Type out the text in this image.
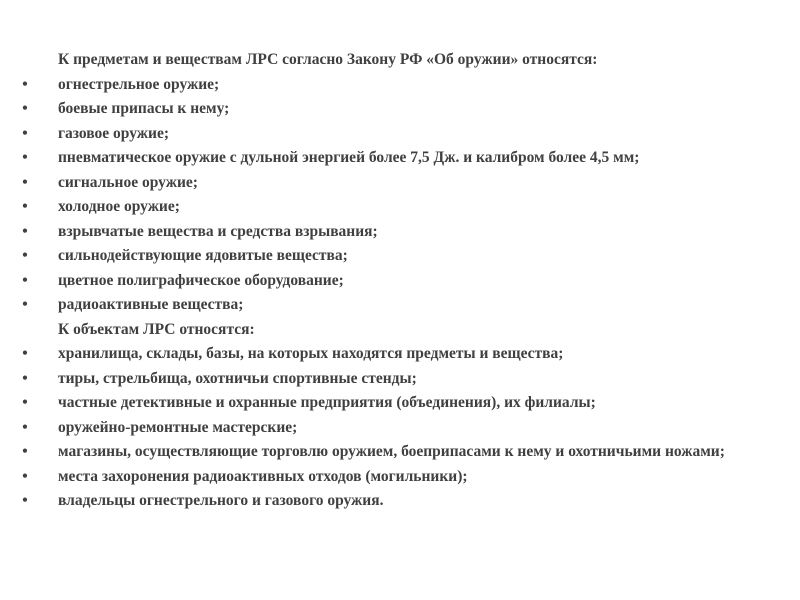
К предметам и веществам ЛРС согласно Закону РФ «Об оружии» относятся:

• огнестрельное оружие;
• боевые припасы к нему;
• газовое оружие;
• пневматическое оружие с дульной энергией более 7,5 Дж. и калибром более 4,5 мм;
• сигнальное оружие;
• холодное оружие;
• взрывчатые вещества и средства взрывания;
• сильнодействующие ядовитые вещества;
• цветное полиграфическое оборудование;
• радиоактивные вещества;

К объектам ЛРС относятся:

• хранилища, склады, базы, на которых находятся предметы и вещества;
• тиры, стрельбища, охотничьи спортивные стенды;
• частные детективные и охранные предприятия (объединения), их филиалы;
• оружейно-ремонтные мастерские;
• магазины, осуществляющие торговлю оружием, боеприпасами к нему и охотничьими ножами;
• места захоронения радиоактивных отходов (могильники);
• владельцы огнестрельного и газового оружия.
